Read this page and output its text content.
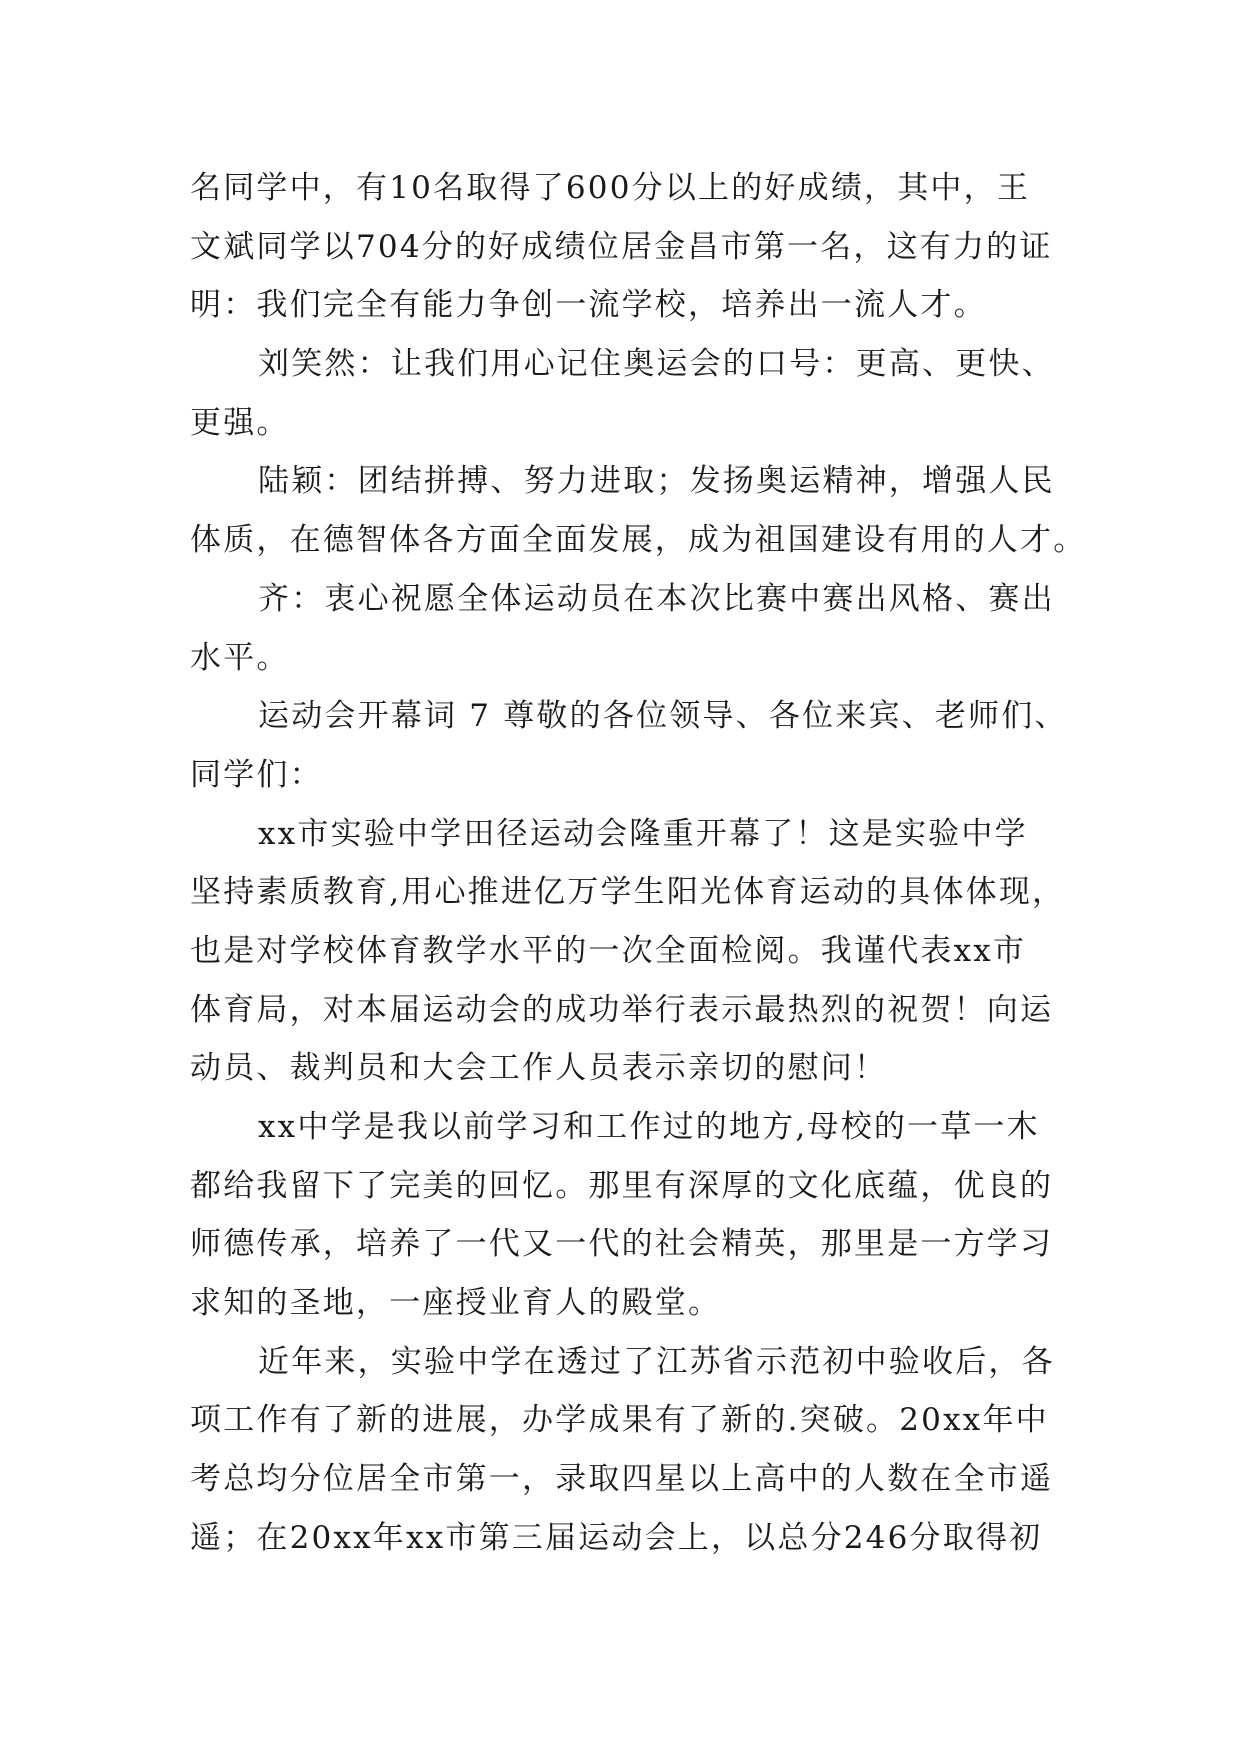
名同学中，有10名取得了600分以上的好成绩，其中，王
文斌同学以704分的好成绩位居金昌市第一名，这有力的证
明：我们完全有能力争创一流学校，培养出一流人才。
刘笑然：让我们用心记住奥运会的口号：更高、更快、
更强。
陆颖：团结拼搏、努力进取；发扬奥运精神，增强人民
体质，在德智体各方面全面发展，成为祖国建设有用的人才。
齐：衷心祝愿全体运动员在本次比赛中赛出风格、赛出
水平。
运动会开幕词 7 尊敬的各位领导、各位来宾、老师们、
同学们：
xx市实验中学田径运动会隆重开幕了！这是实验中学
坚持素质教育,用心推进亿万学生阳光体育运动的具体体现，
也是对学校体育教学水平的一次全面检阅。我谨代表xx市
体育局，对本届运动会的成功举行表示最热烈的祝贺！向运
动员、裁判员和大会工作人员表示亲切的慰问！
xx中学是我以前学习和工作过的地方,母校的一草一木
都给我留下了完美的回忆。那里有深厚的文化底蕴，优良的
师德传承，培养了一代又一代的社会精英，那里是一方学习
求知的圣地，一座授业育人的殿堂。
近年来，实验中学在透过了江苏省示范初中验收后，各
项工作有了新的进展，办学成果有了新的.突破。20xx年中
考总均分位居全市第一，录取四星以上高中的人数在全市遥
遥；在20xx年xx市第三届运动会上，以总分246分取得初
